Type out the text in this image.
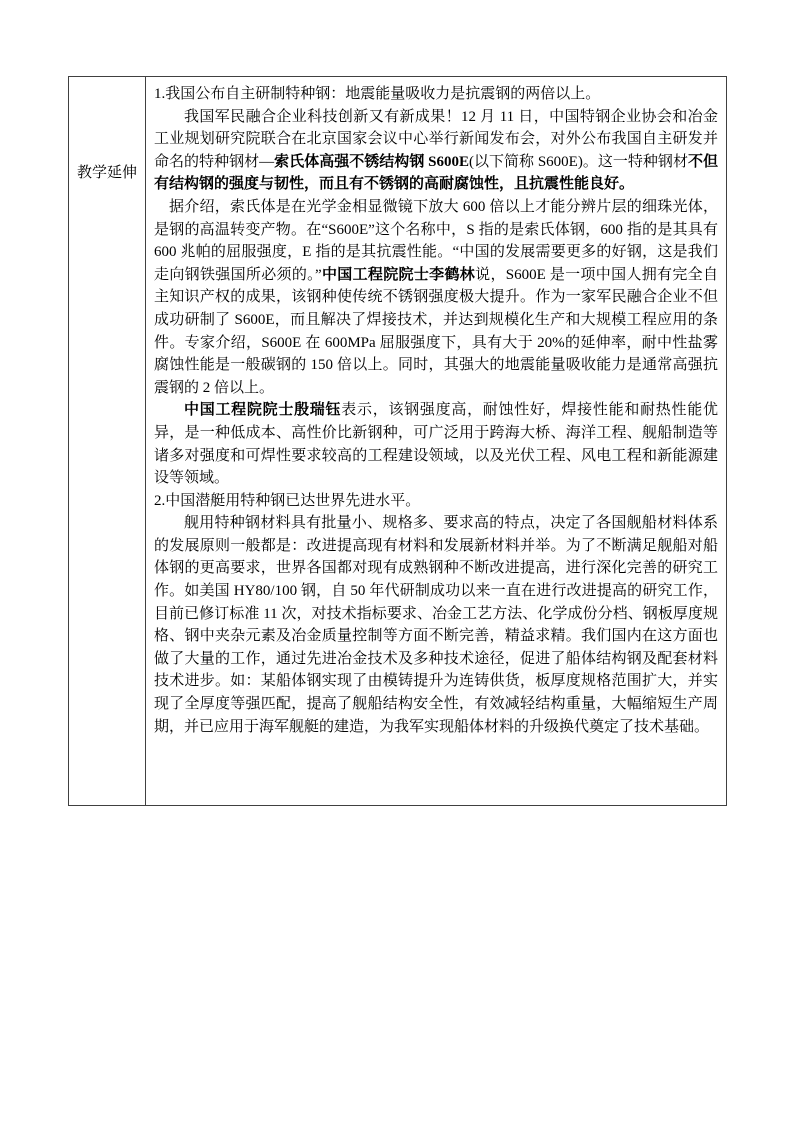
教学延伸

1.我国公布自主研制特种钢：地震能量吸收力是抗震钢的两倍以上。

我国军民融合企业科技创新又有新成果！12 月 11 日，中国特钢企业协会和冶金工业规划研究院联合在北京国家会议中心举行新闻发布会，对外公布我国自主研发并命名的特种钢材—索氏体高强不锈结构钢 S600E(以下简称 S600E)。这一特种钢材不但有结构钢的强度与韧性，而且有不锈钢的高耐腐蚀性，且抗震性能良好。

据介绍，索氏体是在光学金相显微镜下放大 600 倍以上才能分辨片层的细珠光体，是钢的高温转变产物。在“S600E”这个名称中，S 指的是索氏体钢，600 指的是其具有 600 兆帕的屈服强度，E 指的是其抗震性能。“中国的发展需要更多的好钢，这是我们走向钢铁强国所必须的。”中国工程院院士李鹤林说，S600E 是一项中国人拥有完全自主知识产权的成果，该钢种使传统不锈钢强度极大提升。作为一家军民融合企业不但成功研制了 S600E，而且解决了焊接技术，并达到规模化生产和大规模工程应用的条件。专家介绍，S600E 在 600MPa 屈服强度下，具有大于 20%的延伸率，耐中性盐雾腐蚀性能是一般碳钢的 150 倍以上。同时，其强大的地震能量吸收能力是通常高强抗震钢的 2 倍以上。

中国工程院院士殷瑞钰表示，该钢强度高，耐蚀性好，焊接性能和耐热性能优异，是一种低成本、高性价比新钢种，可广泛用于跨海大桥、海洋工程、舰船制造等诸多对强度和可焊性要求较高的工程建设领域，以及光伏工程、风电工程和新能源建设等领域。

2.中国潜艇用特种钢已达世界先进水平。

舰用特种钢材料具有批量小、规格多、要求高的特点，决定了各国舰船材料体系的发展原则一般都是：改进提高现有材料和发展新材料并举。为了不断满足舰船对船体钢的更高要求，世界各国都对现有成熟钢种不断改进提高，进行深化完善的研究工作。如美国 HY80/100 钢，自 50 年代研制成功以来一直在进行改进提高的研究工作，目前已修订标准 11 次，对技术指标要求、冶金工艺方法、化学成份分档、钢板厚度规格、钢中夹杂元素及冶金质量控制等方面不断完善，精益求精。我们国内在这方面也做了大量的工作，通过先进冶金技术及多种技术途径，促进了船体结构钢及配套材料技术进步。如：某船体钢实现了由模铸提升为连铸供货，板厚度规格范围扩大，并实现了全厚度等强匹配，提高了舰船结构安全性，有效减轻结构重量，大幅缩短生产周期，并已应用于海军舰艇的建造，为我军实现船体材料的升级换代奠定了技术基础。
